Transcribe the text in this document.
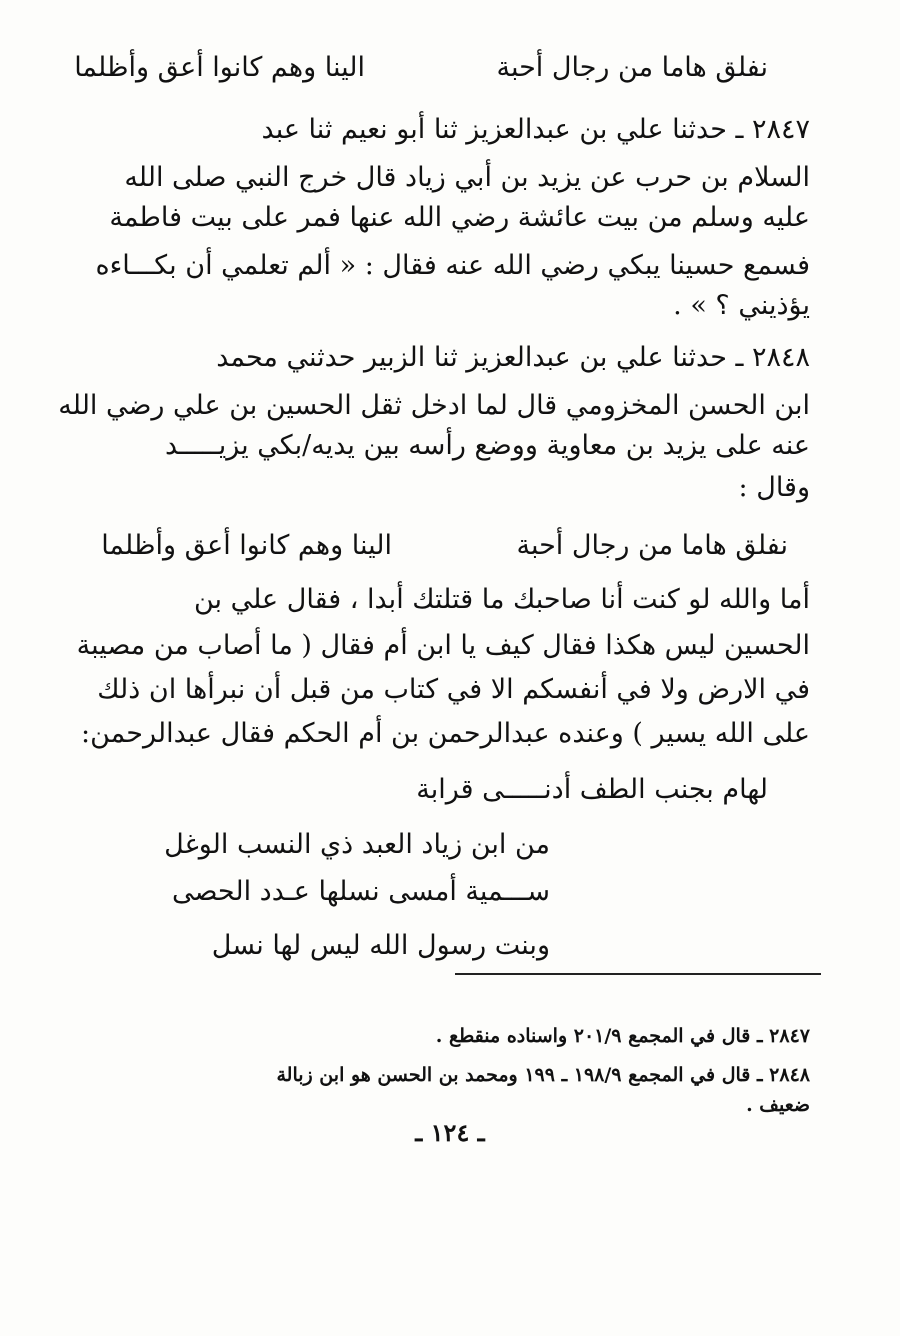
نفلق هاما من رجال أحبة
الينا وهم كانوا أعق وأظلما

٢٨٤٧ ـ حدثنا علي بن عبدالعزيز ثنا أبو نعيم ثنا عبد

السلام بن حرب عن يزيد بن أبي زياد قال خرج النبي صلى الله

عليه وسلم من بيت عائشة رضي الله عنها فمر على بيت فاطمة

فسمع حسينا يبكي رضي الله عنه فقال : « ألم تعلمي أن بكـــاءه

يؤذيني ؟ » .

٢٨٤٨ ـ حدثنا علي بن عبدالعزيز ثنا الزبير حدثني محمد

ابن الحسن المخزومي قال لما ادخل ثقل الحسين بن علي رضي الله

عنه على يزيد بن معاوية ووضع رأسه بين يديه/بكي يزيـــــد

وقال :

نفلق هاما من رجال أحبة
الينا وهم كانوا أعق وأظلما

أما والله لو كنت أنا صاحبك ما قتلتك أبدا ، فقال علي بن

الحسين ليس هكذا فقال كيف يا ابن أم فقال ( ما أصاب من مصيبة

في الارض ولا في أنفسكم الا في كتاب من قبل أن نبرأها ان ذلك

على الله يسير ) وعنده عبدالرحمن بن أم الحكم فقال عبدالرحمن:

لهام بجنب الطف أدنـــــى قرابة
من ابن زياد العبد ذي النسب الوغل
ســـمية أمسى نسلها عـدد الحصى
وبنت رسول الله ليس لها نسل

٢٨٤٧ ـ قال في المجمع ٢٠١/٩ واسناده منقطع .

٢٨٤٨ ـ قال في المجمع ١٩٨/٩ ـ ١٩٩ ومحمد بن الحسن هو ابن زبالة

ضعيف .

ـ ١٢٤ ـ
